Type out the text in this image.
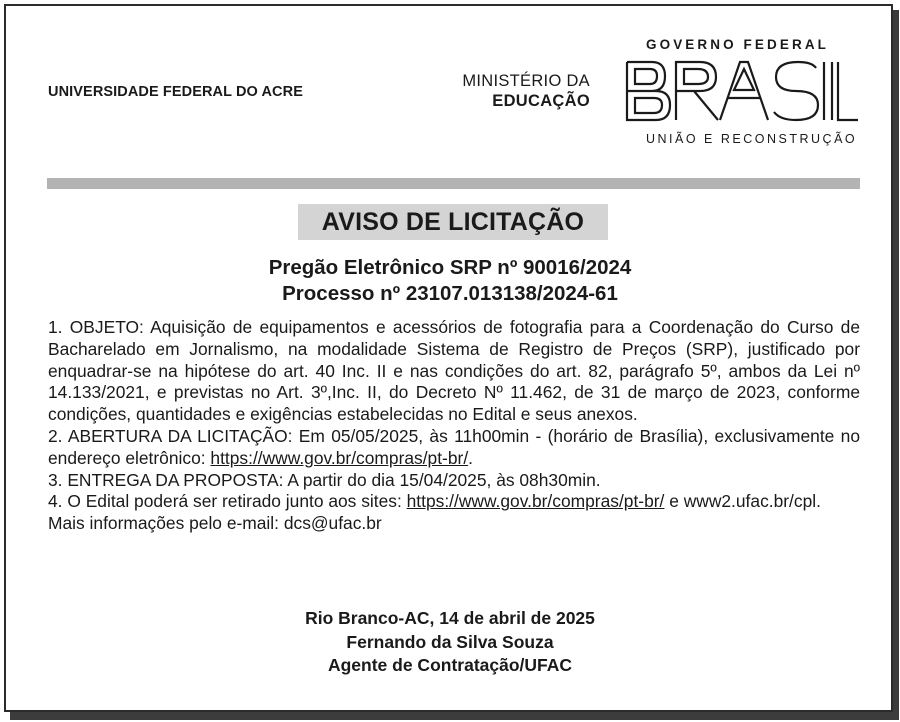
UNIVERSIDADE FEDERAL DO ACRE
MINISTÉRIO DA
EDUCAÇÃO
GOVERNO FEDERAL
UNIÃO E RECONSTRUÇÃO
AVISO DE LICITAÇÃO
Pregão Eletrônico SRP nº 90016/2024
Processo nº 23107.013138/2024-61

1. OBJETO: Aquisição de equipamentos e acessórios de fotografia para a Coordenação do Curso de Bacharelado em Jornalismo, na modalidade Sistema de Registro de Preços (SRP), justificado por enquadrar-se na hipótese do art. 40 Inc. II e nas condições do art. 82, parágrafo 5º, ambos da Lei nº 14.133/2021, e previstas no Art. 3º,Inc. II, do Decreto Nº 11.462, de 31 de março de 2023, conforme condições, quantidades e exigências estabelecidas no Edital e seus anexos.

2. ABERTURA DA LICITAÇÃO: Em 05/05/2025, às 11h00min - (horário de Brasília), exclusivamente no endereço eletrônico: https://www.gov.br/compras/pt-br/.

3. ENTREGA DA PROPOSTA: A partir do dia 15/04/2025, às 08h30min.

4. O Edital poderá ser retirado junto aos sites: https://www.gov.br/compras/pt-br/ e www2.ufac.br/cpl.

Mais informações pelo e-mail: dcs@ufac.br

Rio Branco-AC, 14 de abril de 2025
Fernando da Silva Souza
Agente de Contratação/UFAC
